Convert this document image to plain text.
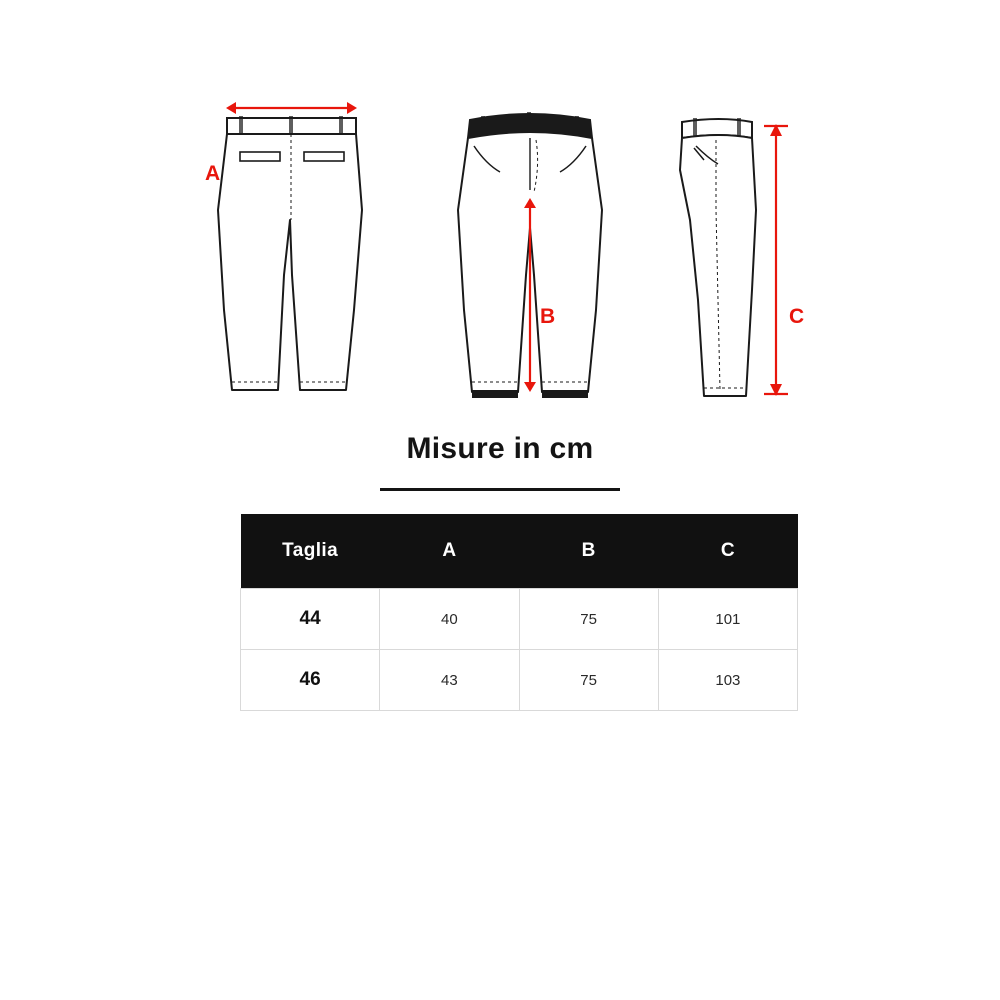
A
B	C
Misure in cm
Taglia	A	B	C
44	40	75	101
46	43	75	103
